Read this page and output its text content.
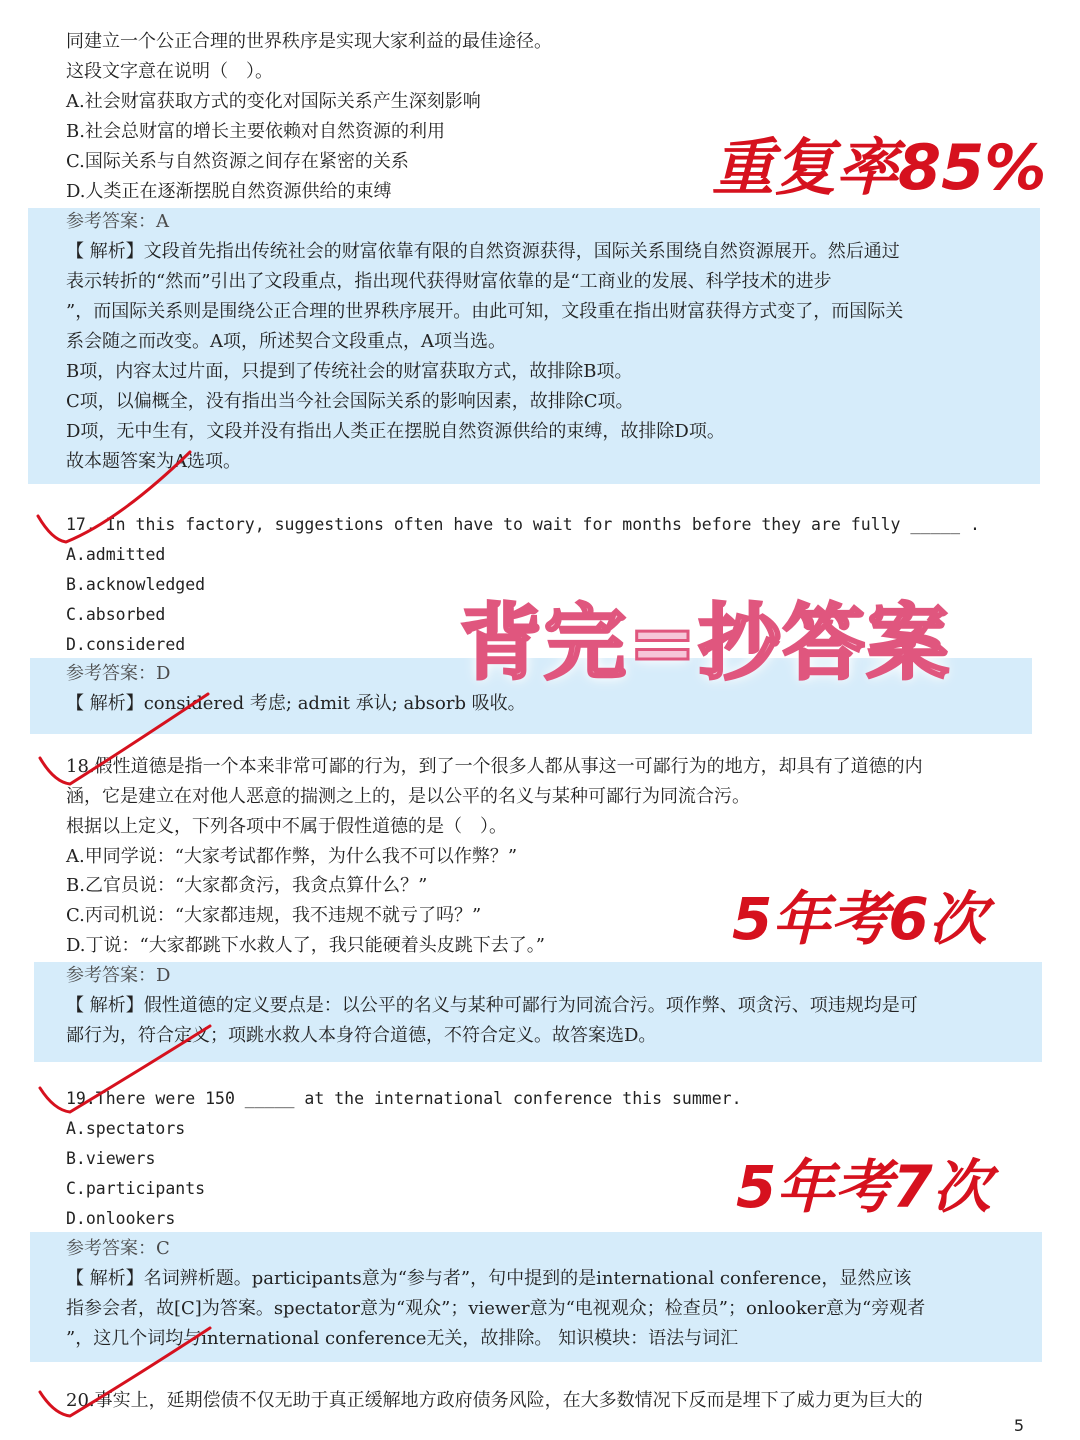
同建立一个公正合理的世界秩序是实现大家利益的最佳途径。
这段文字意在说明（　）。
A.社会财富获取方式的变化对国际关系产生深刻影响
B.社会总财富的增长主要依赖对自然资源的利用
C.国际关系与自然资源之间存在紧密的关系
D.人类正在逐渐摆脱自然资源供给的束缚
参考答案：A
【 解析】文段首先指出传统社会的财富依靠有限的自然资源获得，国际关系围绕自然资源展开。然后通过
表示转折的“然而”引出了文段重点，指出现代获得财富依靠的是“工商业的发展、科学技术的进步
”，而国际关系则是围绕公正合理的世界秩序展开。由此可知，文段重在指出财富获得方式变了，而国际关
系会随之而改变。A项，所述契合文段重点，A项当选。
B项，内容太过片面，只提到了传统社会的财富获取方式，故排除B项。
C项，以偏概全，没有指出当今社会国际关系的影响因素，故排除C项。
D项，无中生有，文段并没有指出人类正在摆脱自然资源供给的束缚，故排除D项。
故本题答案为A选项。
重复率85%
17. In this factory, suggestions often have to wait for months before they are fully _____ .
A.admitted
B.acknowledged
C.absorbed
D.considered
参考答案：D
【 解析】considered 考虑; admit 承认; absorb 吸收。
背完=抄答案
18.假性道德是指一个本来非常可鄙的行为，到了一个很多人都从事这一可鄙行为的地方，却具有了道德的内
涵，它是建立在对他人恶意的揣测之上的，是以公平的名义与某种可鄙行为同流合污。
根据以上定义，下列各项中不属于假性道德的是（　）。
A.甲同学说：“大家考试都作弊，为什么我不可以作弊？”
B.乙官员说：“大家都贪污，我贪点算什么？”
C.丙司机说：“大家都违规，我不违规不就亏了吗？”
D.丁说：“大家都跳下水救人了，我只能硬着头皮跳下去了。”
参考答案：D
【 解析】假性道德的定义要点是：以公平的名义与某种可鄙行为同流合污。项作弊、项贪污、项违规均是可
鄙行为，符合定义；项跳水救人本身符合道德，不符合定义。故答案选D。
5年考6次
19.There were 150 _____ at the international conference this summer.
A.spectators
B.viewers
C.participants
D.onlookers
参考答案：C
【 解析】名词辨析题。participants意为“参与者”，句中提到的是international conference，显然应该
指参会者，故[C]为答案。spectator意为“观众”；viewer意为“电视观众；检查员”；onlooker意为“旁观者
”，这几个词均与international conference无关，故排除。 知识模块：语法与词汇
5年考7次
20.事实上，延期偿债不仅无助于真正缓解地方政府债务风险，在大多数情况下反而是埋下了威力更为巨大的
5
